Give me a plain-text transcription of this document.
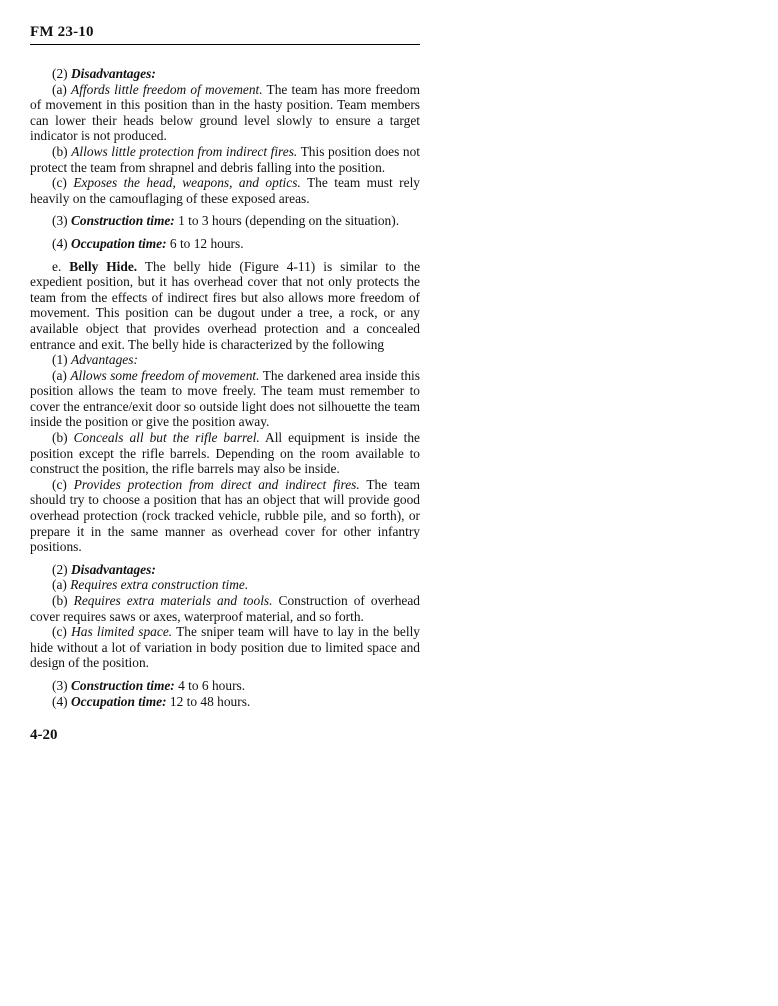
FM 23-10

(2) Disadvantages:

(a) Affords little freedom of movement. The team has more freedom of movement in this position than in the hasty position. Team members can lower their heads below ground level slowly to ensure a target indicator is not produced.

(b) Allows little protection from indirect fires. This position does not protect the team from shrapnel and debris falling into the position.

(c) Exposes the head, weapons, and optics. The team must rely heavily on the camouflaging of these exposed areas.

(3) Construction time: 1 to 3 hours (depending on the situation).

(4) Occupation time: 6 to 12 hours.

e. Belly Hide. The belly hide (Figure 4-11) is similar to the expedient position, but it has overhead cover that not only protects the team from the effects of indirect fires but also allows more freedom of movement. This position can be dugout under a tree, a rock, or any available object that provides overhead protection and a concealed entrance and exit. The belly hide is characterized by the following

(1) Advantages:

(a) Allows some freedom of movement. The darkened area inside this position allows the team to move freely. The team must remember to cover the entrance/exit door so outside light does not silhouette the team inside the position or give the position away.

(b) Conceals all but the rifle barrel. All equipment is inside the position except the rifle barrels. Depending on the room available to construct the position, the rifle barrels may also be inside.

(c) Provides protection from direct and indirect fires. The team should try to choose a position that has an object that will provide good overhead protection (rock tracked vehicle, rubble pile, and so forth), or prepare it in the same manner as overhead cover for other infantry positions.

(2) Disadvantages:

(a) Requires extra construction time.

(b) Requires extra materials and tools. Construction of overhead cover requires saws or axes, waterproof material, and so forth.

(c) Has limited space. The sniper team will have to lay in the belly hide without a lot of variation in body position due to limited space and design of the position.

(3) Construction time: 4 to 6 hours.

(4) Occupation time: 12 to 48 hours.

4-20
